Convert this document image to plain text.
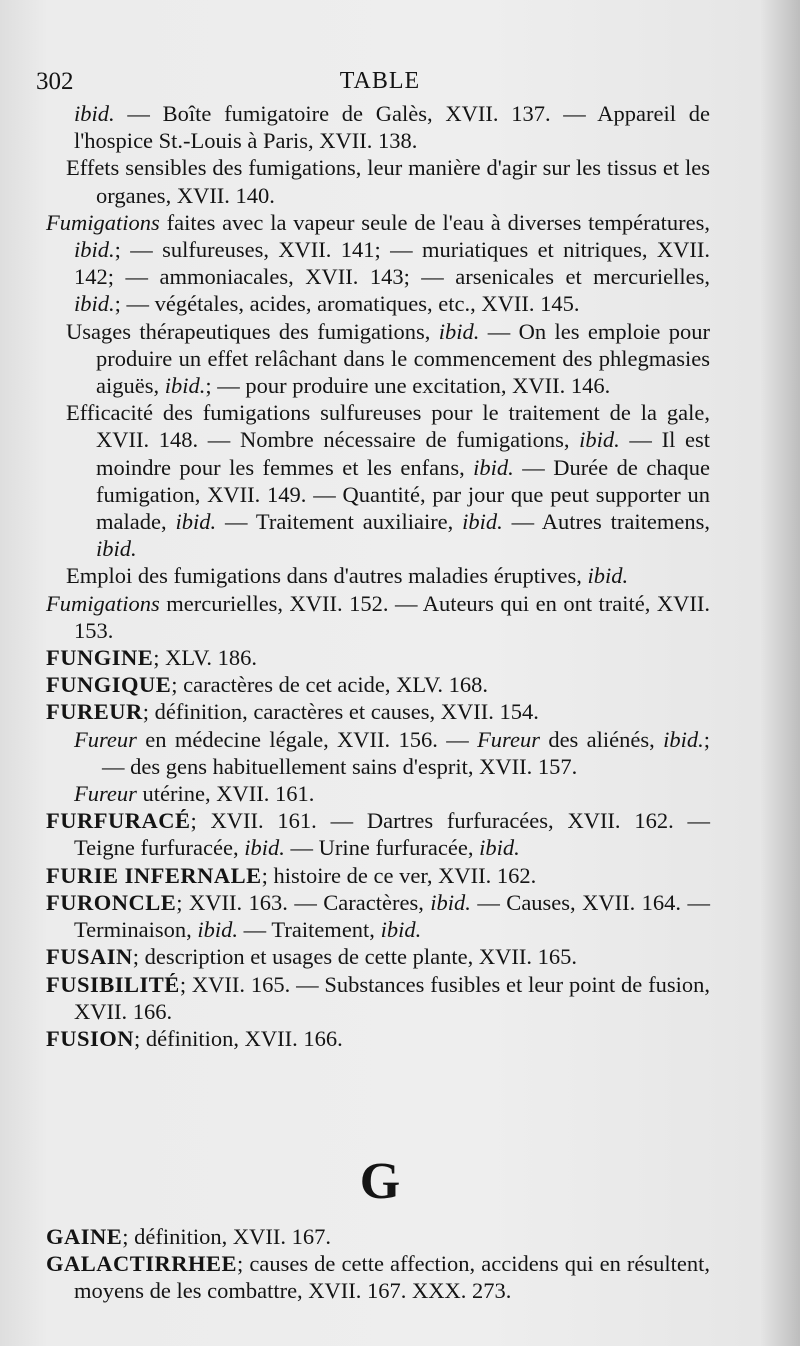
302	TABLE
ibid. — Boîte fumigatoire de Galès, XVII. 137. — Appareil de l'hospice St.-Louis à Paris, XVII. 138.
Effets sensibles des fumigations, leur manière d'agir sur les tissus et les organes, XVII. 140.
Fumigations faites avec la vapeur seule de l'eau à diverses températures, ibid.; — sulfureuses, XVII. 141; — muriatiques et nitriques, XVII. 142; — ammoniacales, XVII. 143; — arsenicales et mercurielles, ibid.; — végétales, acides, aromatiques, etc., XVII. 145.
Usages thérapeutiques des fumigations, ibid. — On les emploie pour produire un effet relâchant dans le commencement des phlegmasies aiguës, ibid.; — pour produire une excitation, XVII. 146.
Efficacité des fumigations sulfureuses pour le traitement de la gale, XVII. 148. — Nombre nécessaire de fumigations, ibid. — Il est moindre pour les femmes et les enfans, ibid. — Durée de chaque fumigation, XVII. 149. — Quantité, par jour que peut supporter un malade, ibid. — Traitement auxiliaire, ibid. — Autres traitemens, ibid.
Emploi des fumigations dans d'autres maladies éruptives, ibid.
Fumigations mercurielles, XVII. 152. — Auteurs qui en ont traité, XVII. 153.
FUNGINE; XLV. 186.
FUNGIQUE; caractères de cet acide, XLV. 168.
FUREUR; définition, caractères et causes, XVII. 154.
Fureur en médecine légale, XVII. 156. — Fureur des aliénés, ibid.; — des gens habituellement sains d'esprit, XVII. 157.
Fureur utérine, XVII. 161.
FURFURACÉ; XVII. 161. — Dartres furfuracées, XVII. 162. — Teigne furfuracée, ibid. — Urine furfuracée, ibid.
FURIE INFERNALE; histoire de ce ver, XVII. 162.
FURONCLE; XVII. 163. — Caractères, ibid. — Causes, XVII. 164. — Terminaison, ibid. — Traitement, ibid.
FUSAIN; description et usages de cette plante, XVII. 165.
FUSIBILITÉ; XVII. 165. — Substances fusibles et leur point de fusion, XVII. 166.
FUSION; définition, XVII. 166.
G
GAINE; définition, XVII. 167.
GALACTIRRHEE; causes de cette affection, accidens qui en résultent, moyens de les combattre, XVII. 167. XXX. 273.
